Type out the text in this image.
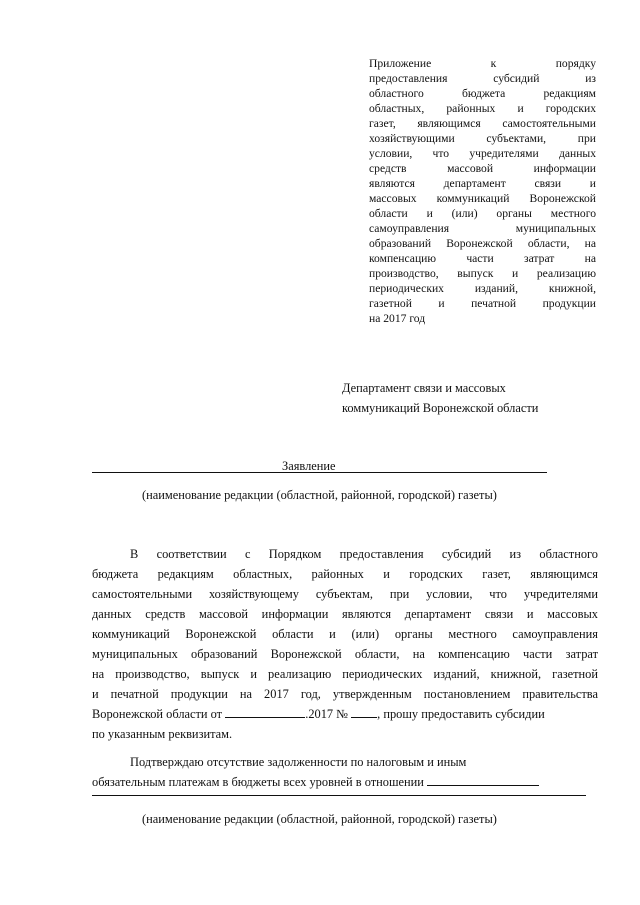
Приложение к порядку
предоставления субсидий из
областного бюджета редакциям
областных, районных и городских
газет, являющимся самостоятельными
хозяйствующими субъектами, при
условии, что учредителями данных
средств массовой информации
являются департамент связи и
массовых коммуникаций Воронежской
области и (или) органы местного
самоуправления муниципальных
образований Воронежской области, на
компенсацию части затрат на
производство, выпуск и реализацию
периодических изданий, книжной,
газетной и печатной продукции
на 2017 год
Департамент связи и массовых
коммуникаций Воронежской области
Заявление
(наименование редакции (областной, районной, городской) газеты)
В соответствии с Порядком предоставления субсидий из областного
бюджета редакциям областных, районных и городских газет, являющимся
самостоятельными хозяйствующему субъектам, при условии, что учредителями
данных средств массовой информации являются департамент связи и массовых
коммуникаций Воронежской области и (или) органы местного самоуправления
муниципальных образований Воронежской области, на компенсацию части затрат
на производство, выпуск и реализацию периодических изданий, книжной, газетной
и печатной продукции на 2017 год, утвержденным постановлением правительства
Воронежской области от	.2017 № , прошу предоставить субсидии
по указанным реквизитам.
Подтверждаю отсутствие задолженности по налоговым и иным
обязательным платежам в бюджеты всех уровней в отношении
(наименование редакции (областной, районной, городской) газеты)
